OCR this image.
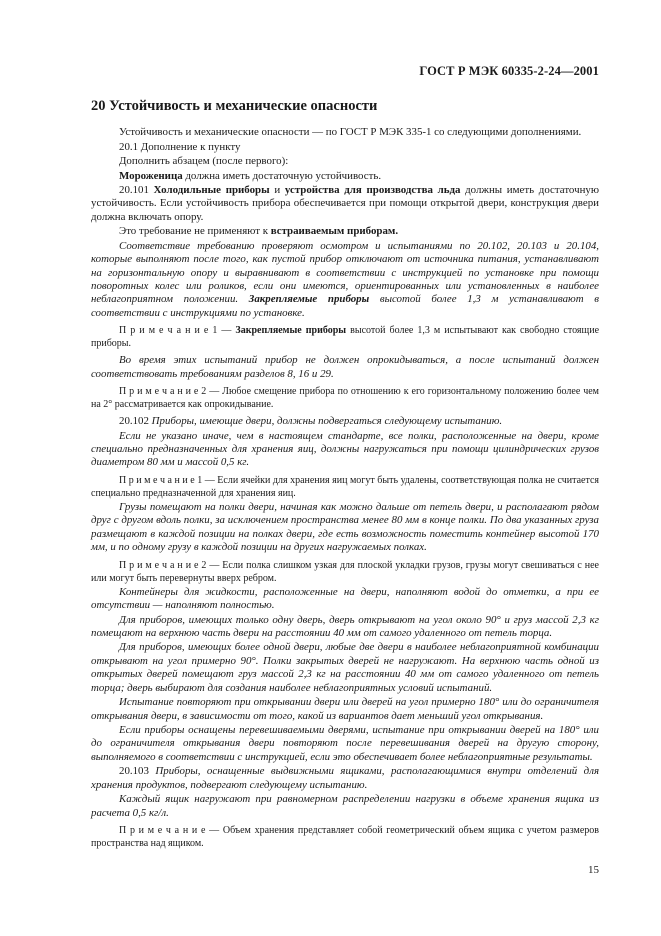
ГОСТ Р МЭК 60335-2-24—2001
20 Устойчивость и механические опасности

Устойчивость и механические опасности — по ГОСТ Р МЭК 335-1 со следующими дополнениями.

20.1 Дополнение к пункту

Дополнить абзацем (после первого):

Мороженица должна иметь достаточную устойчивость.

20.101 Холодильные приборы и устройства для производства льда должны иметь достаточную устойчивость. Если устойчивость прибора обеспечивается при помощи открытой двери, конструкция двери должна включать опору.

Это требование не применяют к встраиваемым приборам.

Соответствие требованию проверяют осмотром и испытаниями по 20.102, 20.103 и 20.104, которые выполняют после того, как пустой прибор отключают от источника питания, устанавливают на горизонтальную опору и выравнивают в соответствии с инструкцией по установке при помощи поворотных колес или роликов, если они имеются, ориентированных или установленных в наиболее неблагоприятном положении. Закрепляемые приборы высотой более 1,3 м устанавливают в соответствии с инструкциями по установке.

П р и м е ч а н и е 1 — Закрепляемые приборы высотой более 1,3 м испытывают как свободно стоящие приборы.

Во время этих испытаний прибор не должен опрокидываться, а после испытаний должен соответствовать требованиям разделов 8, 16 и 29.

П р и м е ч а н и е 2 — Любое смещение прибора по отношению к его горизонтальному положению более чем на 2° рассматривается как опрокидывание.

20.102 Приборы, имеющие двери, должны подвергаться следующему испытанию.

Если не указано иначе, чем в настоящем стандарте, все полки, расположенные на двери, кроме специально предназначенных для хранения яиц, должны нагружаться при помощи цилиндрических грузов диаметром 80 мм и массой 0,5 кг.

П р и м е ч а н и е 1 — Если ячейки для хранения яиц могут быть удалены, соответствующая полка не считается специально предназначенной для хранения яиц.

Грузы помещают на полки двери, начиная как можно дальше от петель двери, и располагают рядом друг с другом вдоль полки, за исключением пространства менее 80 мм в конце полки. По два указанных груза размещают в каждой позиции на полках двери, где есть возможность поместить контейнер высотой 170 мм, и по одному грузу в каждой позиции на других нагружаемых полках.

П р и м е ч а н и е 2 — Если полка слишком узкая для плоской укладки грузов, грузы могут свешиваться с нее или могут быть перевернуты вверх ребром.

Контейнеры для жидкости, расположенные на двери, наполняют водой до отметки, а при ее отсутствии — наполняют полностью.

Для приборов, имеющих только одну дверь, дверь открывают на угол около 90° и груз массой 2,3 кг помещают на верхнюю часть двери на расстоянии 40 мм от самого удаленного от петель торца.

Для приборов, имеющих более одной двери, любые две двери в наиболее неблагоприятной комбинации открывают на угол примерно 90°. Полки закрытых дверей не нагружают. На верхнюю часть одной из открытых дверей помещают груз массой 2,3 кг на расстоянии 40 мм от самого удаленного от петель торца; дверь выбирают для создания наиболее неблагоприятных условий испытаний.

Испытание повторяют при открывании двери или дверей на угол примерно 180° или до ограничителя открывания двери, в зависимости от того, какой из вариантов дает меньший угол открывания.

Если приборы оснащены перевешиваемыми дверями, испытание при открывании дверей на 180° или до ограничителя открывания двери повторяют после перевешивания дверей на другую сторону, выполняемого в соответствии с инструкцией, если это обеспечивает более неблагоприятные результаты.

20.103 Приборы, оснащенные выдвижными ящиками, располагающимися внутри отделений для хранения продуктов, подвергают следующему испытанию.

Каждый ящик нагружают при равномерном распределении нагрузки в объеме хранения ящика из расчета 0,5 кг/л.

П р и м е ч а н и е — Объем хранения представляет собой геометрический объем ящика с учетом размеров пространства над ящиком.

15
